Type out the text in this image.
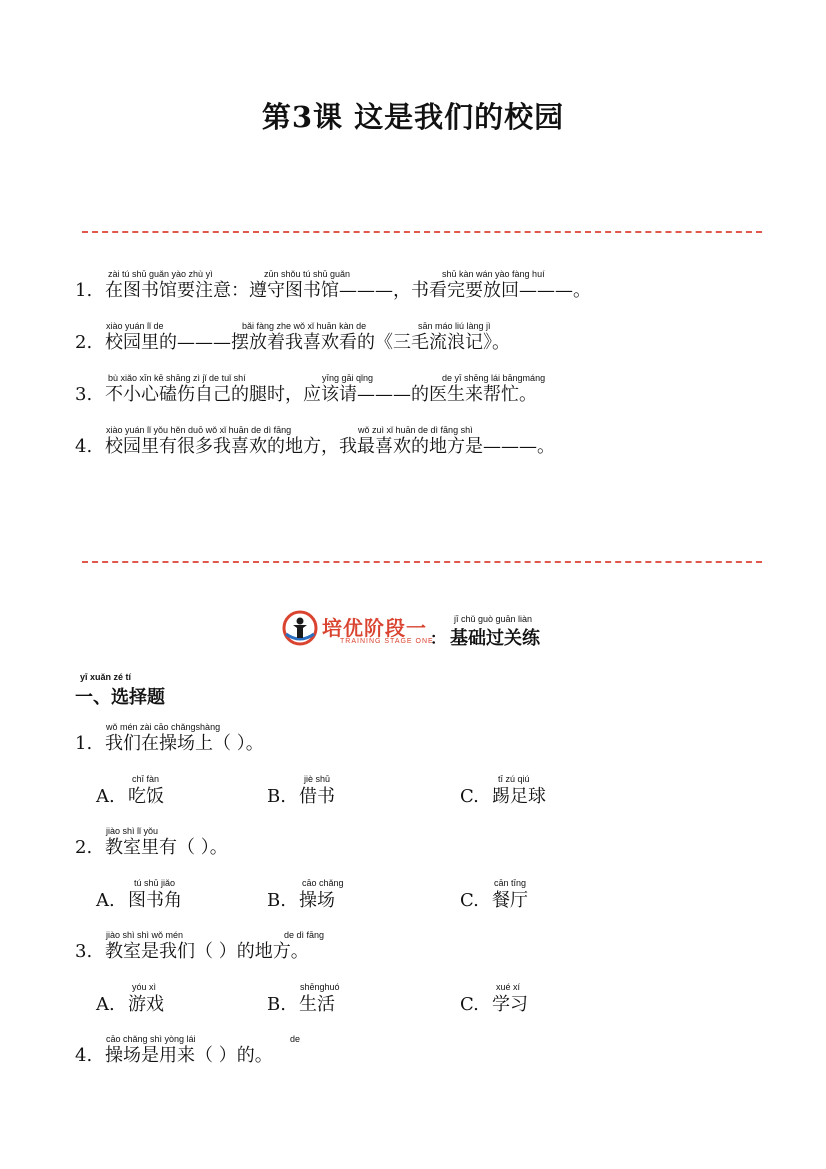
第3课 这是我们的校园
zài tú shū guǎn yào zhù yì	zūn shǒu tú shū guǎn	shū kàn wán yào fàng huí
1. 在图书馆要注意：遵守图书馆———，书看完要放回———。
xiào yuán lǐ de	bǎi fàng zhe wǒ xǐ huān kàn de	sān máo liú làng jì
2. 校园里的———摆放着我喜欢看的《三毛流浪记》。
bù xiǎo xīn kē shāng zì jǐ de tuǐ shí	yīng gāi qǐng	de yī shēng lái bāngmáng
3. 不小心磕伤自己的腿时，应该请———的医生来帮忙。
xiào yuán lǐ yǒu hěn duō wǒ xǐ huān de dì fāng	wǒ zuì xǐ huān de dì fāng shì
4. 校园里有很多我喜欢的地方，我最喜欢的地方是———。
培优阶段一
TRAINING STAGE ONE
：
jī chǔ guò guān liàn
基础过关练
yī xuǎn zé tí
一、选择题
wǒ mén zài cāo chǎngshàng
1. 我们在操场上（ ）。
chī fàn
A. 吃饭
jiè shū
B. 借书
tī zú qiú
C. 踢足球
jiào shì lǐ yǒu
2. 教室里有（ ）。
tú shū jiǎo
A. 图书角
cāo chǎng
B. 操场
cān tīng
C. 餐厅
jiào shì shì wǒ mén	de dì fāng
3. 教室是我们（ ）的地方。
yóu xì
A. 游戏
shēnghuó
B. 生活
xué xí
C. 学习
cāo chǎng shì yòng lái	de
4. 操场是用来（ ）的。
